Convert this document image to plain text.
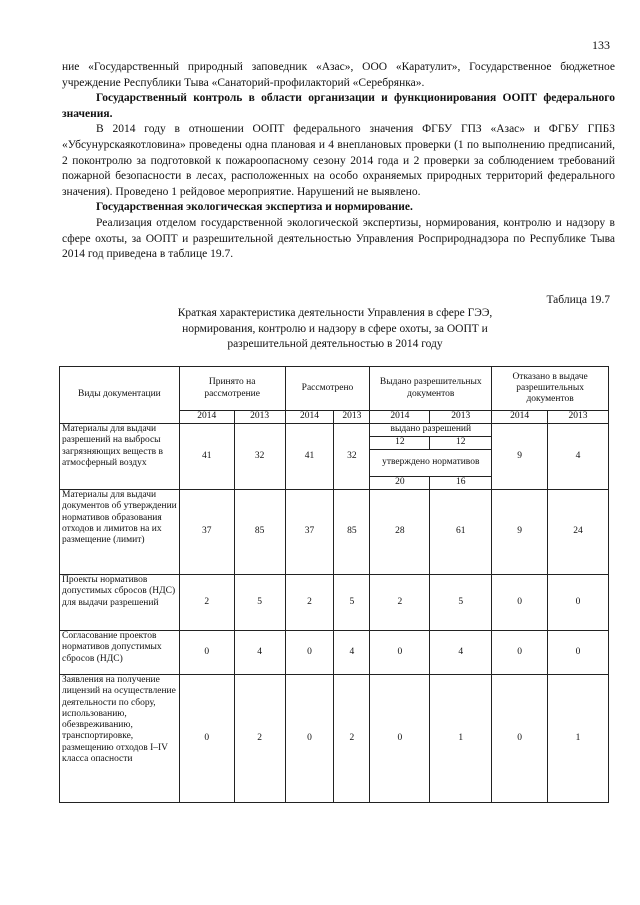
133

ние «Государственный природный заповедник «Азас», ООО «Каратулит», Государственное бюджетное учреждение Республики Тыва «Санаторий-профилакторий «Серебрянка».

Государственный контроль в области организации и функционирования ООПТ федерального значения.

В 2014 году в отношении ООПТ федерального значения ФГБУ ГПЗ «Азас» и ФГБУ ГПБЗ «Убсунурскаякотловина» проведены одна плановая и 4 внеплановых проверки (1 по выполнению предписаний, 2 поконтролю за подготовкой к пожароопасному сезону 2014 года и 2 проверки за соблюдением требований пожарной безопасности в лесах, расположенных на особо охраняемых природных территорий федерального значения). Проведено 1 рейдовое мероприятие. Нарушений не выявлено.

Государственная экологическая экспертиза и нормирование.

Реализация отделом государственной экологической экспертизы, нормирования, контролю и надзору в сфере охоты, за ООПТ и разрешительной деятельностью Управления Росприроднадзора по Республике Тыва 2014 год приведена в таблице 19.7.

Таблица 19.7
Краткая характеристика деятельности Управления в сфере ГЭЭ,
нормирования, контролю и надзору в сфере охоты, за ООПТ и
разрешительной деятельностью в 2014 году
Виды документации	Принято на рассмотрение		Рассмотрено		Выдано разрешительных документов		Отказано в выдаче разрешительных документов	
	2014	2013	2014	2013	2014	2013	2014	2013
Материалы для выдачи разрешений на выбросы загрязняющих веществ в атмосферный воздух	41	32	41	32	выдано разрешений		9	4
					12	12		
					утверждено нормативов			
					20	16		
Материалы для выдачи документов об утверждении нормативов образования отходов и лимитов на их размещение (лимит)	37	85	37	85	28	61	9	24
Проекты нормативов допустимых сбросов (НДС) для выдачи разрешений	2	5	2	5	2	5	0	0
Согласование проектов нормативов допустимых сбросов (НДС)	0	4	0	4	0	4	0	0
Заявления на получение лицензий на осуществление деятельности по сбору, использованию, обезвреживанию, транспортировке, размещению отходов I–IV класса опасности	0	2	0	2	0	1	0	1
